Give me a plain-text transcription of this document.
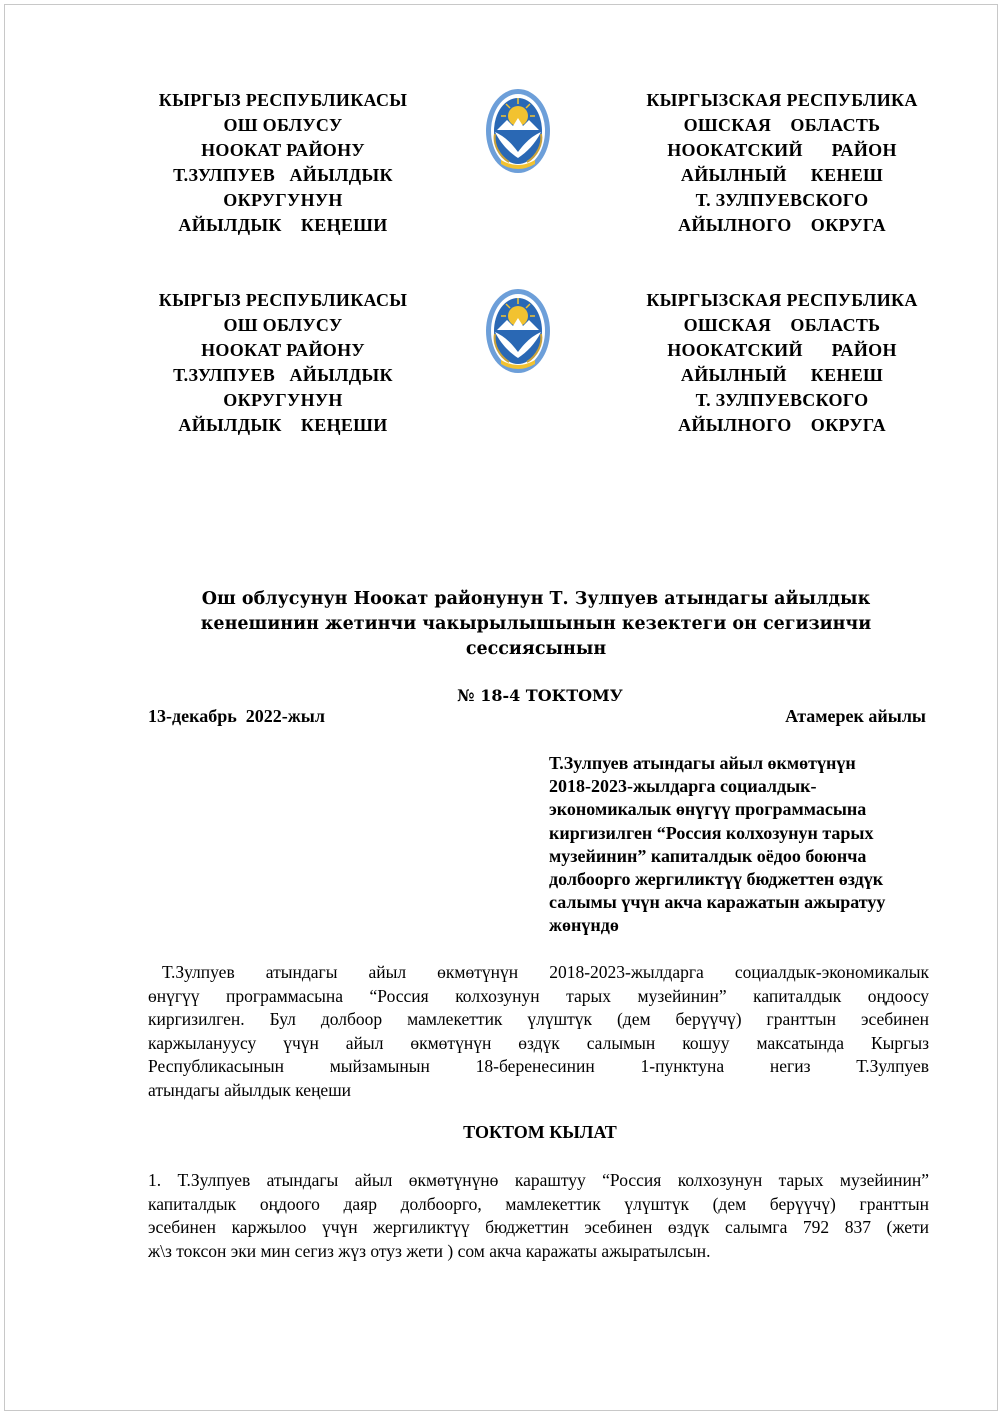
КЫРГЫЗ РЕСПУБЛИКАСЫ
ОШ ОБЛУСУ
НООКАТ РАЙОНУ
Т.ЗУЛПУЕВ   АЙЫЛДЫК
ОКРУГУНУН
АЙЫЛДЫК    КЕҢЕШИ
КЫРГЫЗСКАЯ РЕСПУБЛИКА
ОШСКАЯ    ОБЛАСТЬ
НООКАТСКИЙ      РАЙОН
АЙЫЛНЫЙ     КЕНЕШ
Т. ЗУЛПУЕВСКОГО
АЙЫЛНОГО    ОКРУГА
КЫРГЫЗ РЕСПУБЛИКАСЫ
ОШ ОБЛУСУ
НООКАТ РАЙОНУ
Т.ЗУЛПУЕВ   АЙЫЛДЫК
ОКРУГУНУН
АЙЫЛДЫК    КЕҢЕШИ
КЫРГЫЗСКАЯ РЕСПУБЛИКА
ОШСКАЯ    ОБЛАСТЬ
НООКАТСКИЙ      РАЙОН
АЙЫЛНЫЙ     КЕНЕШ
Т. ЗУЛПУЕВСКОГО
АЙЫЛНОГО    ОКРУГА
Ош облусунун Ноокат районунун Т. Зулпуев атындагы айылдык
кенешинин жетинчи чакырылышынын кезектеги он сегизинчи
сессиясынын
№ 18-4 ТОКТОМУ
13-декабрь  2022-жыл	Атамерек айылы
Т.Зулпуев атындагы айыл өкмөтүнүн
2018-2023-жылдарга социалдык-
экономикалык өнүгүү программасына
киргизилген “Россия колхозунун тарых
музейинин” капиталдык оёдоо боюнча
долбоорго жергиликтүү бюджеттен өздүк
салымы үчүн акча каражатын ажыратуу
жөнүндө
Т.Зулпуев атындагы айыл өкмөтүнүн 2018-2023-жылдарга социалдык-экономикалык
өнүгүү программасына “Россия колхозунун тарых музейинин” капиталдык оңдоосу
киргизилген. Бул долбоор мамлекеттик үлүштүк (дем берүүчү) гранттын эсебинен
каржылануусу үчүн айыл өкмөтүнүн өздүк салымын кошуу максатында Кыргыз
Республикасынын мыйзамынын 18-беренесинин 1-пунктуна негиз Т.Зулпуев
атындагы айылдык кеңеши
ТОКТОМ КЫЛАТ
1. Т.Зулпуев атындагы айыл өкмөтүнүнө караштуу “Россия колхозунун тарых музейинин”
капиталдык оңдоого даяр долбоорго, мамлекеттик үлүштүк (дем берүүчү) гранттын
эсебинен каржылоо үчүн жергиликтүү бюджеттин эсебинен өздүк салымга 792 837 (жети
ж\з токсон эки мин сегиз жүз отуз жети ) сом акча каражаты ажыратылсын.
